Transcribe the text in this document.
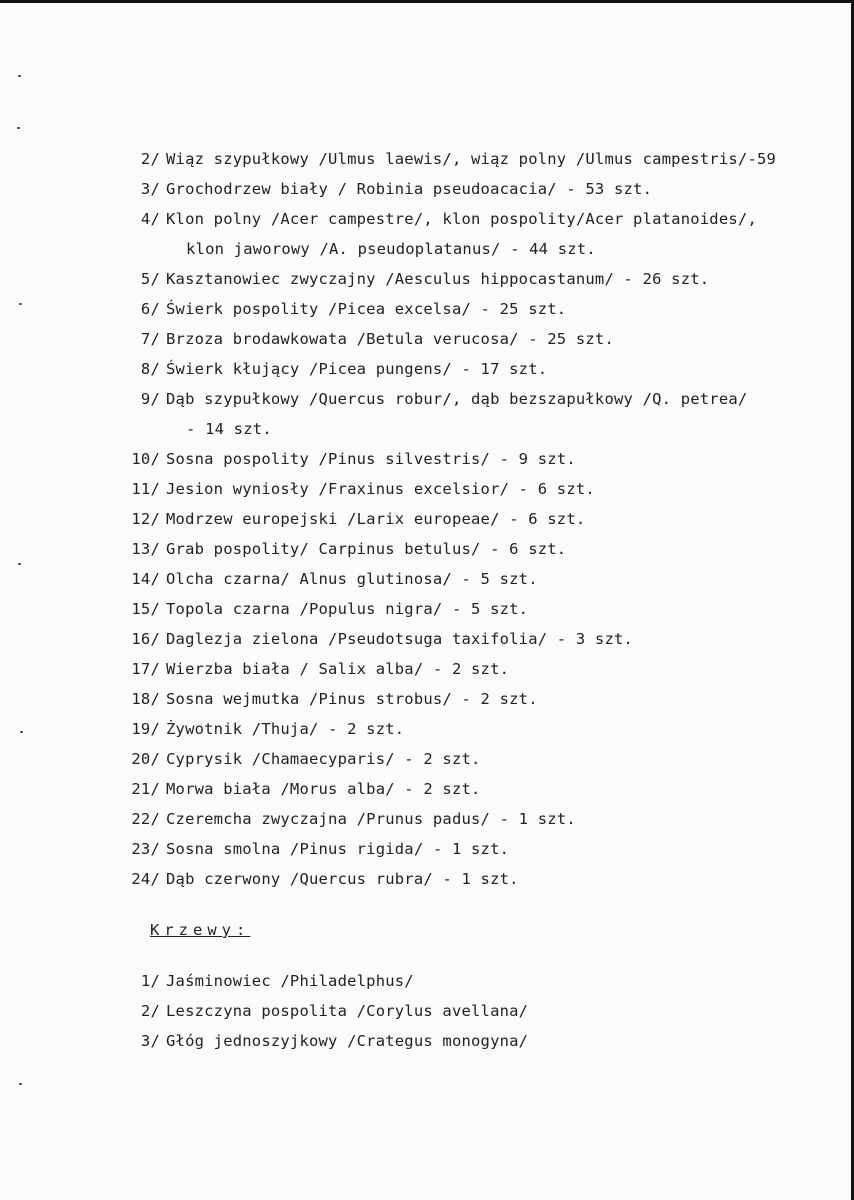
2/ Wiąz szypułkowy /Ulmus laewis/, wiąz polny /Ulmus campestris/-59
3/ Grochodrzew biały / Robinia pseudoacacia/ - 53 szt.
4/ Klon polny /Acer campestre/, klon pospolity/Acer platanoides/,
klon jaworowy /A. pseudoplatanus/ - 44 szt.
5/ Kasztanowiec zwyczajny /Aesculus hippocastanum/ - 26 szt.
6/ Świerk pospolity /Picea excelsa/ - 25 szt.
7/ Brzoza brodawkowata /Betula verucosa/ - 25 szt.
8/ Świerk kłujący /Picea pungens/ - 17 szt.
9/ Dąb szypułkowy /Quercus robur/, dąb bezszapułkowy /Q. petrea/
- 14 szt.
10/ Sosna pospolity /Pinus silvestris/ - 9 szt.
11/ Jesion wyniosły /Fraxinus excelsior/ - 6 szt.
12/ Modrzew europejski /Larix europeae/ - 6 szt.
13/ Grab pospolity/ Carpinus betulus/ - 6 szt.
14/ Olcha czarna/ Alnus glutinosa/ - 5 szt.
15/ Topola czarna /Populus nigra/ - 5 szt.
16/ Daglezja zielona /Pseudotsuga taxifolia/ - 3 szt.
17/ Wierzba biała / Salix alba/ - 2 szt.
18/ Sosna wejmutka /Pinus strobus/ - 2 szt.
19/ Żywotnik /Thuja/ - 2 szt.
20/ Cyprysik /Chamaecyparis/ - 2 szt.
21/ Morwa biała /Morus alba/ - 2 szt.
22/ Czeremcha zwyczajna /Prunus padus/ - 1 szt.
23/ Sosna smolna /Pinus rigida/ - 1 szt.
24/ Dąb czerwony /Quercus rubra/ - 1 szt.
Krzewy:
1/ Jaśminowiec /Philadelphus/
2/ Leszczyna pospolita /Corylus avellana/
3/ Głóg jednoszyjkowy /Crategus monogyna/
